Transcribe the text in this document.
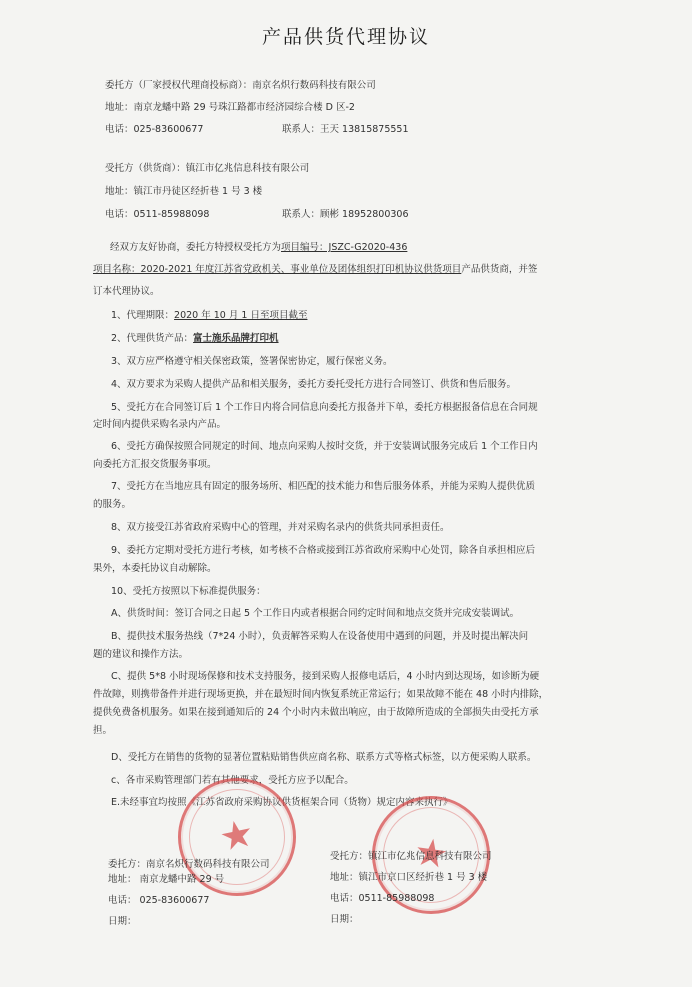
产品供货代理协议
委托方（厂家授权代理商投标商）：南京名炽行数码科技有限公司
地址：南京龙蟠中路 29 号珠江路都市经济园综合楼 D 区-2
电话：025-83600677	联系人：王天 13815875551
受托方（供货商）：镇江市亿兆信息科技有限公司
地址：镇江市丹徒区经折巷 1 号 3 楼
电话：0511-85988098	联系人：顾彬 18952800306
经双方友好协商，委托方特授权受托方为项目编号：JSZC-G2020-436
项目名称：2020-2021 年度江苏省党政机关、事业单位及团体组织打印机协议供货项目产品供货商，并签
订本代理协议。
1、代理期限：2020 年 10 月 1 日至项目截至
2、代理供货产品：富士施乐品牌打印机
3、双方应严格遵守相关保密政策，签署保密协定，履行保密义务。
4、双方要求为采购人提供产品和相关服务，委托方委托受托方进行合同签订、供货和售后服务。
5、受托方在合同签订后 1 个工作日内将合同信息向委托方报备并下单，委托方根据报备信息在合同规
定时间内提供采购名录内产品。
6、受托方确保按照合同规定的时间、地点向采购人按时交货，并于安装调试服务完成后 1 个工作日内
向委托方汇报交货服务事项。
7、受托方在当地应具有固定的服务场所、相匹配的技术能力和售后服务体系，并能为采购人提供优质
的服务。
8、双方接受江苏省政府采购中心的管理，并对采购名录内的供货共同承担责任。
9、委托方定期对受托方进行考核，如考核不合格或接到江苏省政府采购中心处罚，除各自承担相应后
果外，本委托协议自动解除。
10、受托方按照以下标准提供服务：
A、供货时间：签订合同之日起 5 个工作日内或者根据合同约定时间和地点交货并完成安装调试。
B、提供技术服务热线（7*24 小时），负责解答采购人在设备使用中遇到的问题，并及时提出解决问
题的建议和操作方法。
C、提供 5*8 小时现场保修和技术支持服务，接到采购人报修电话后，4 小时内到达现场，如诊断为硬
件故障，则携带备件并进行现场更换，并在最短时间内恢复系统正常运行；如果故障不能在 48 小时内排除，
提供免费备机服务。如果在接到通知后的 24 个小时内未做出响应，由于故障所造成的全部损失由受托方承
担。
D、受托方在销售的货物的显著位置粘贴销售供应商名称、联系方式等格式标签，以方便采购人联系。
c、各市采购管理部门若有其他要求，受托方应予以配合。
E.未经事宜均按照《江苏省政府采购协议供货框架合同（货物）规定内容来执行》
★	★
委托方：南京名炽行数码科技有限公司
地址： 南京龙蟠中路 29 号
电话： 025-83600677
日期：
受托方：镇江市亿兆信息科技有限公司
地址：镇江市京口区经折巷 1 号 3 楼
电话：0511-85988098
日期：
